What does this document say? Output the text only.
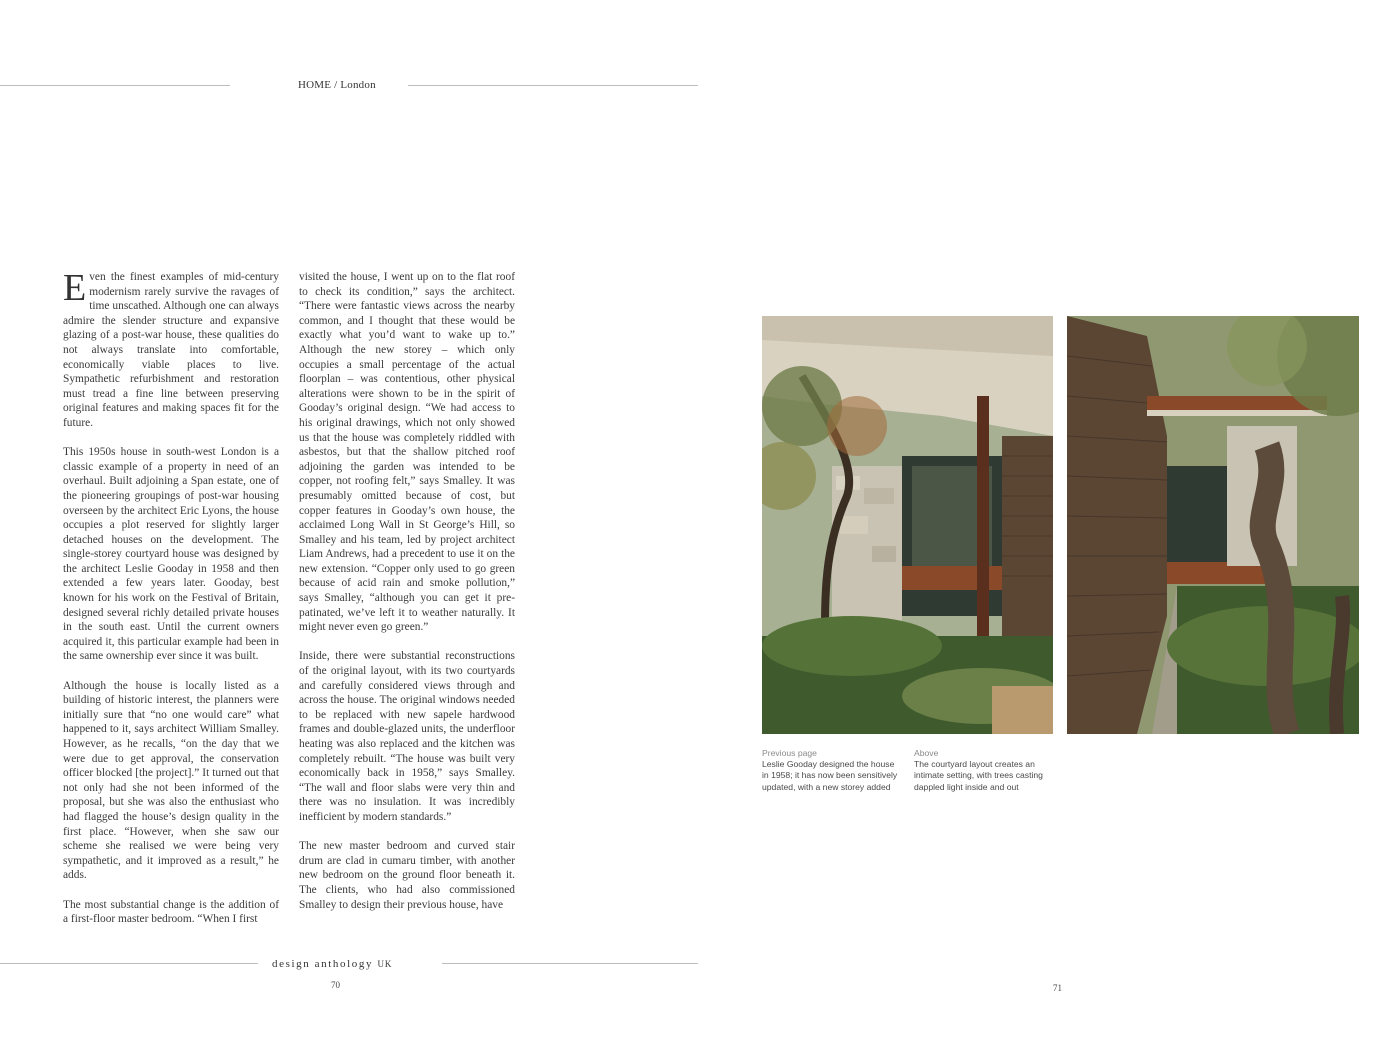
HOME / London

Even the finest examples of mid-century modernism rarely survive the ravages of time unscathed. Although one can always admire the slender structure and expansive glazing of a post-war house, these qualities do not always translate into comfortable, economically viable places to live. Sympathetic refurbishment and restoration must tread a fine line between preserving original features and making spaces fit for the future.

This 1950s house in south-west London is a classic example of a property in need of an overhaul. Built adjoining a Span estate, one of the pioneering groupings of post-war housing overseen by the architect Eric Lyons, the house occupies a plot reserved for slightly larger detached houses on the development. The single-storey courtyard house was designed by the architect Leslie Gooday in 1958 and then extended a few years later. Gooday, best known for his work on the Festival of Britain, designed several richly detailed private houses in the south east. Until the current owners acquired it, this particular example had been in the same ownership ever since it was built.

Although the house is locally listed as a building of historic interest, the planners were initially sure that “no one would care” what happened to it, says architect William Smalley. However, as he recalls, “on the day that we were due to get approval, the conservation officer blocked [the project].” It turned out that not only had she not been informed of the proposal, but she was also the enthusiast who had flagged the house’s design quality in the first place. “However, when she saw our scheme she realised we were being very sympathetic, and it improved as a result,” he adds.

The most substantial change is the addition of a first-floor master bedroom. “When I first

visited the house, I went up on to the flat roof to check its condition,” says the architect. “There were fantastic views across the nearby common, and I thought that these would be exactly what you’d want to wake up to.” Although the new storey – which only occupies a small percentage of the actual floorplan – was contentious, other physical alterations were shown to be in the spirit of Gooday’s original design. “We had access to his original drawings, which not only showed us that the house was completely riddled with asbestos, but that the shallow pitched roof adjoining the garden was intended to be copper, not roofing felt,” says Smalley. It was presumably omitted because of cost, but copper features in Gooday’s own house, the acclaimed Long Wall in St George’s Hill, so Smalley and his team, led by project architect Liam Andrews, had a precedent to use it on the new extension. “Copper only used to go green because of acid rain and smoke pollution,” says Smalley, “although you can get it pre-patinated, we’ve left it to weather naturally. It might never even go green.”

Inside, there were substantial reconstructions of the original layout, with its two courtyards and carefully considered views through and across the house. The original windows needed to be replaced with new sapele hardwood frames and double-glazed units, the underfloor heating was also replaced and the kitchen was completely rebuilt. “The house was built very economically back in 1958,” says Smalley. “The wall and floor slabs were very thin and there was no insulation. It was incredibly inefficient by modern standards.”

The new master bedroom and curved stair drum are clad in cumaru timber, with another new bedroom on the ground floor beneath it. The clients, who had also commissioned Smalley to design their previous house, have

design anthology UK
70
Previous page
Leslie Gooday designed the house in 1958; it has now been sensitively updated, with a new storey added
Above
The courtyard layout creates an intimate setting, with trees casting dappled light inside and out
71
